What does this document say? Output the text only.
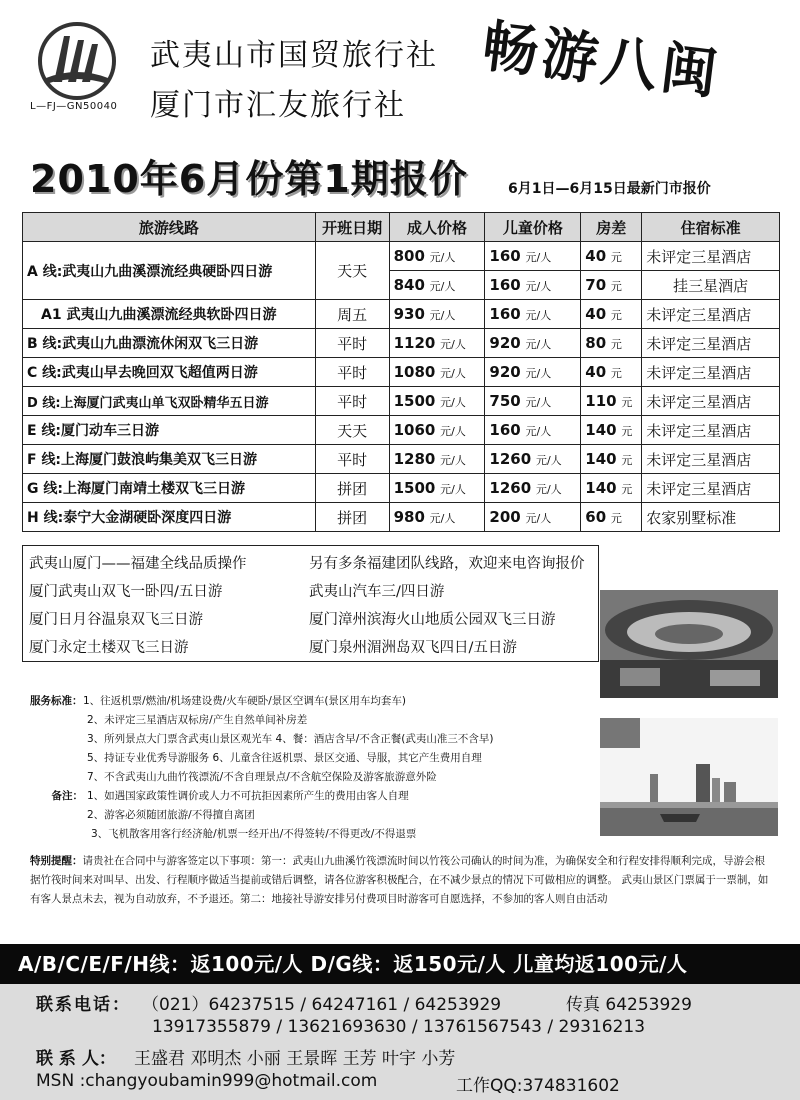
L—FJ—GN50040
武夷山市国贸旅行社
厦门市汇友旅行社 畅游八闽
2010年6月份第1期报价	6月1日—6月15日最新门市报价
旅游线路	开班日期	成人价格	儿童价格	房差	住宿标准
A 线:武夷山九曲溪漂流经典硬卧四日游	天天	800 元/人	160 元/人	40 元	未评定三星酒店
		840 元/人	160 元/人	70 元	挂三星酒店
A1 武夷山九曲溪漂流经典软卧四日游	周五	930 元/人	160 元/人	40 元	未评定三星酒店
B 线:武夷山九曲漂流休闲双飞三日游	平时	1120 元/人	920 元/人	80 元	未评定三星酒店
C 线:武夷山早去晚回双飞超值两日游	平时	1080 元/人	920 元/人	40 元	未评定三星酒店
D 线:上海厦门武夷山单飞双卧精华五日游	平时	1500 元/人	750 元/人	110 元	未评定三星酒店
E 线:厦门动车三日游	天天	1060 元/人	160 元/人	140 元	未评定三星酒店
F 线:上海厦门鼓浪屿集美双飞三日游	平时	1280 元/人	1260 元/人	140 元	未评定三星酒店
G 线:上海厦门南靖土楼双飞三日游	拼团	1500 元/人	1260 元/人	140 元	未评定三星酒店
H 线:泰宁大金湖硬卧深度四日游	拼团	980 元/人	200 元/人	60 元	农家别墅标准
武夷山厦门——福建全线品质操作	另有多条福建团队线路，欢迎来电咨询报价
厦门武夷山双飞一卧四/五日游	武夷山汽车三/四日游
厦门日月谷温泉双飞三日游	厦门漳州滨海火山地质公园双飞三日游
厦门永定土楼双飞三日游	厦门泉州湄洲岛双飞四日/五日游
服务标准：1、往返机票/燃油/机场建设费/火车硬卧/景区空调车(景区用车均套车)
2、未评定三星酒店双标房/产生自然单间补房差
3、所列景点大门票含武夷山景区观光车 4、餐：酒店含早/不含正餐(武夷山准三不含早)
5、持证专业优秀导游服务 6、儿童含往返机票、景区交通、导服，其它产生费用自理
7、不含武夷山九曲竹筏漂流/不含自理景点/不含航空保险及游客旅游意外险
备注： 1、如遇国家政策性调价或人力不可抗拒因素所产生的费用由客人自理
2、游客必须随团旅游/不得擅自离团
3、飞机散客用客行经济舱/机票一经开出/不得签转/不得更改/不得退票
特别提醒：请贵社在合同中与游客签定以下事项：第一：武夷山九曲溪竹筏漂流时间以竹筏公司确认的时间为准，为确保安全和行程安排得顺利完成，导游会根据竹筏时间来对叫早、出发、行程顺序做适当提前或错后调整，请各位游客积极配合，在不减少景点的情况下可做相应的调整。 武夷山景区门票属于一票制，如有客人景点未去，视为自动放弃，不予退还。第二：地接社导游安排另付费项目时游客可自愿选择，不参加的客人则自由活动
A/B/C/E/F/H线：返100元/人 D/G线：返150元/人 儿童均返100元/人
联系电话： （021）64237515 / 64247161 / 64253929	传真 64253929
13917355879 / 13621693630 / 13761567543 / 29316213
联 系 人： 王盛君 邓明杰 小丽 王景晖 王芳 叶宇 小芳
MSN :changyoubamin999@hotmail.com	工作QQ:374831602
